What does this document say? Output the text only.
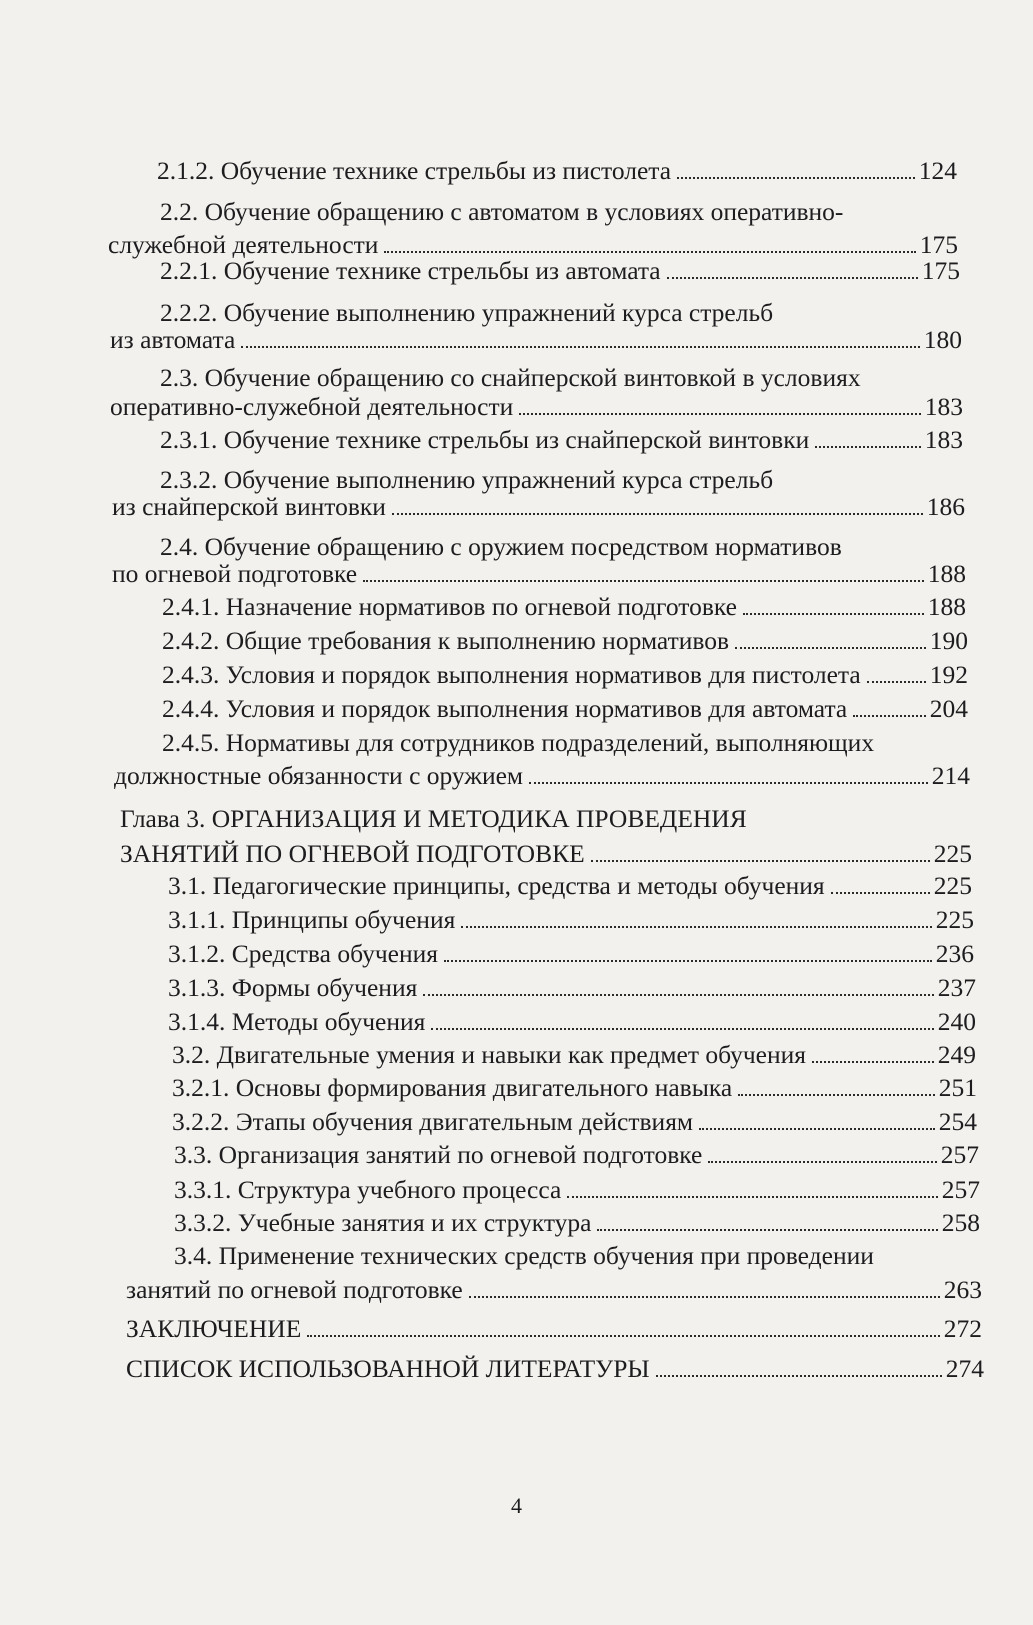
2.1.2. Обучение технике стрельбы из пистолета	124
2.2. Обучение обращению с автоматом в условиях оперативно-
служебной деятельности	175
2.2.1. Обучение технике стрельбы из автомата	175
2.2.2. Обучение выполнению упражнений курса стрельб
из автомата	180
2.3. Обучение обращению со снайперской винтовкой в условиях
оперативно-служебной деятельности	183
2.3.1. Обучение технике стрельбы из снайперской винтовки	183
2.3.2. Обучение выполнению упражнений курса стрельб
из снайперской винтовки	186
2.4. Обучение обращению с оружием посредством нормативов
по огневой подготовке	188
2.4.1. Назначение нормативов по огневой подготовке	188
2.4.2. Общие требования к выполнению нормативов	190
2.4.3. Условия и порядок выполнения нормативов для пистолета	192
2.4.4. Условия и порядок выполнения нормативов для автомата	204
2.4.5. Нормативы для сотрудников подразделений, выполняющих
должностные обязанности с оружием	214
Глава 3. ОРГАНИЗАЦИЯ И МЕТОДИКА ПРОВЕДЕНИЯ
ЗАНЯТИЙ ПО ОГНЕВОЙ ПОДГОТОВКЕ	225
3.1. Педагогические принципы, средства и методы обучения	225
3.1.1. Принципы обучения	225
3.1.2. Средства обучения	236
3.1.3. Формы обучения	237
3.1.4. Методы обучения	240
3.2. Двигательные умения и навыки как предмет обучения	249
3.2.1. Основы формирования двигательного навыка	251
3.2.2. Этапы обучения двигательным действиям	254
3.3. Организация занятий по огневой подготовке	257
3.3.1. Структура учебного процесса	257
3.3.2. Учебные занятия и их структура	258
3.4. Применение технических средств обучения при проведении
занятий по огневой подготовке	263
ЗАКЛЮЧЕНИЕ	272
СПИСОК ИСПОЛЬЗОВАННОЙ ЛИТЕРАТУРЫ	274
4
